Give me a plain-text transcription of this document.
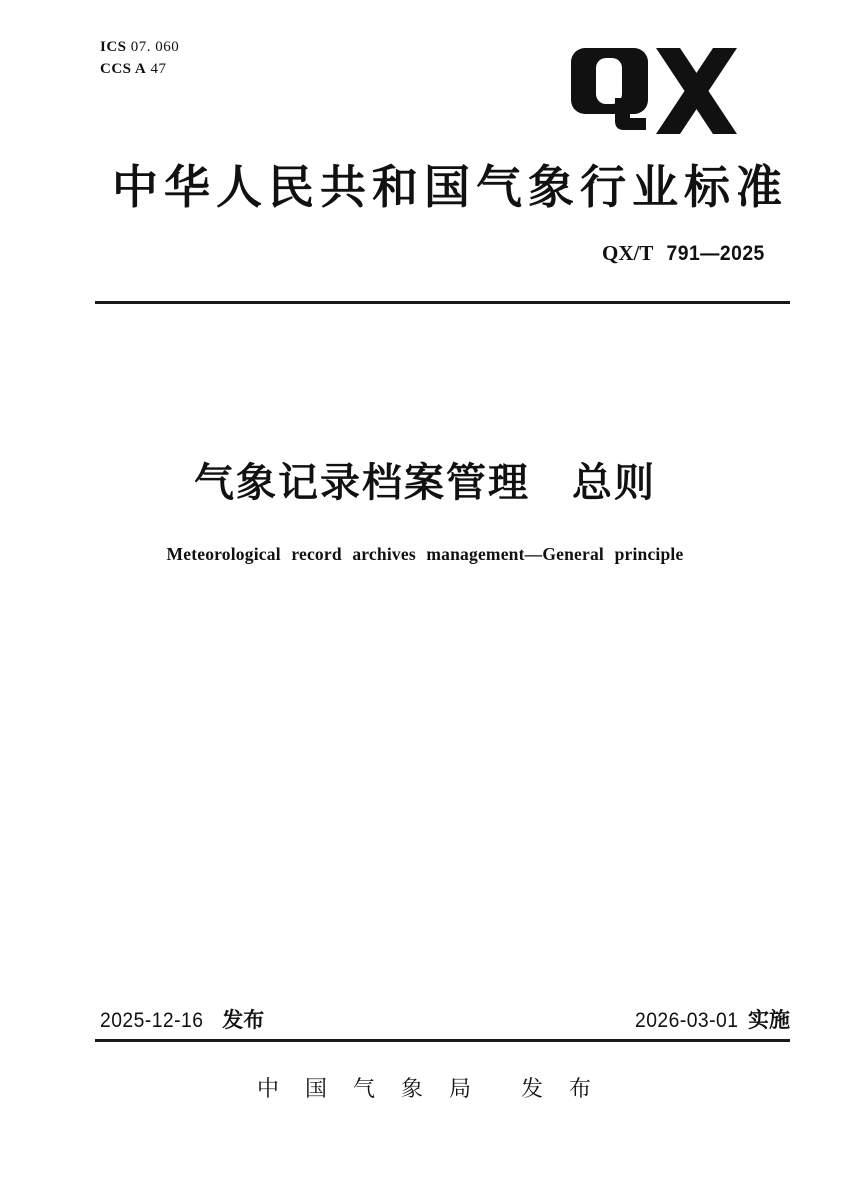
ICS 07. 060
CCS A 47
中华人民共和国气象行业标准
QX/T 791—2025
气象记录档案管理　总则
Meteorological record archives management—General principle
2025-12-16 发布	2026-03-01 实施
中　国　气　象　局　　发　布
